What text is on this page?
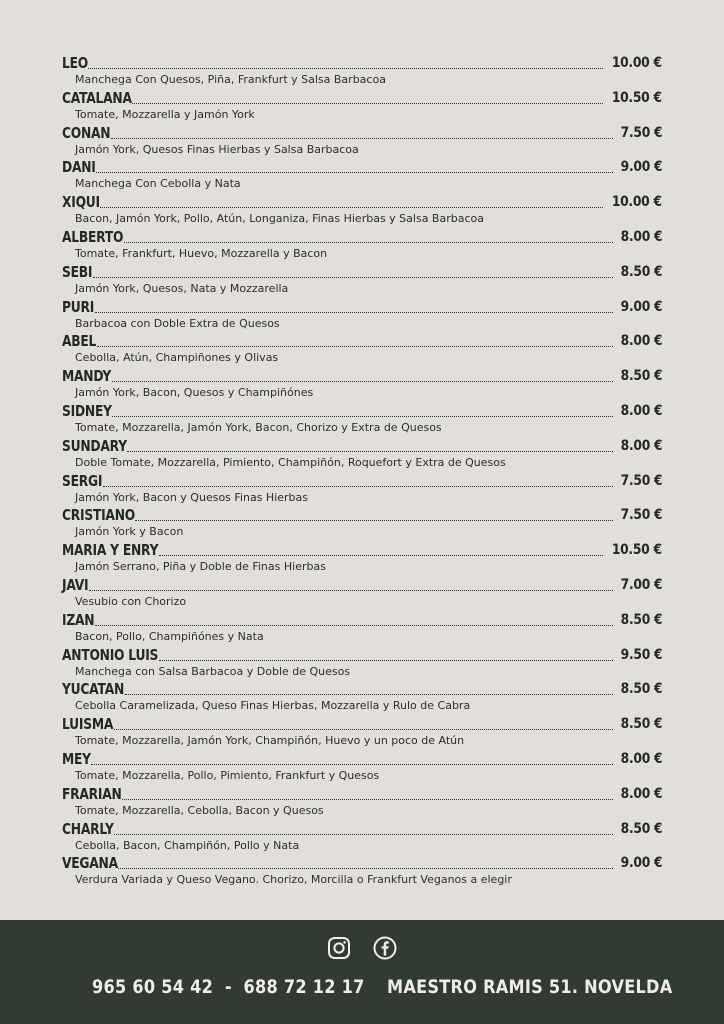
LEO	10.00 €
Manchega Con Quesos, Piña, Frankfurt y Salsa Barbacoa
CATALANA	10.50 €
Tomate, Mozzarella y Jamón York
CONAN	7.50 €
Jamón York, Quesos Finas Hierbas y Salsa Barbacoa
DANI	9.00 €
Manchega Con Cebolla y Nata
XIQUI	10.00 €
Bacon, Jamón York, Pollo, Atún, Longaniza, Finas Hierbas y Salsa Barbacoa
ALBERTO	8.00 €
Tomate, Frankfurt, Huevo, Mozzarella y Bacon
SEBI	8.50 €
Jamón York, Quesos, Nata y Mozzarella
PURI	9.00 €
Barbacoa con Doble Extra de Quesos
ABEL	8.00 €
Cebolla, Atún, Champiñones y Olivas
MANDY	8.50 €
Jamón York, Bacon, Quesos y Champiñónes
SIDNEY	8.00 €
Tomate, Mozzarella, Jamón York, Bacon, Chorizo y Extra de Quesos
SUNDARY	8.00 €
Doble Tomate, Mozzarella, Pimiento, Champiñón, Roquefort y Extra de Quesos
SERGI	7.50 €
Jamón York, Bacon y Quesos Finas Hierbas
CRISTIANO	7.50 €
Jamón York y Bacon
MARIA Y ENRY	10.50 €
Jamón Serrano, Piña y Doble de Finas Hierbas
JAVI	7.00 €
Vesubio con Chorizo
IZAN	8.50 €
Bacon, Pollo, Champiñónes y Nata
ANTONIO LUIS	9.50 €
Manchega con Salsa Barbacoa y Doble de Quesos
YUCATAN	8.50 €
Cebolla Caramelizada, Queso Finas Hierbas, Mozzarella y Rulo de Cabra
LUISMA	8.50 €
Tomate, Mozzarella, Jamón York, Champiñón, Huevo y un poco de Atún
MEY	8.00 €
Tomate, Mozzarella, Pollo, Pimiento, Frankfurt y Quesos
FRARIAN	8.00 €
Tomate, Mozzarella, Cebolla, Bacon y Quesos
CHARLY	8.50 €
Cebolla, Bacon, Champiñón, Pollo y Nata
VEGANA	9.00 €
Verdura Variada y Queso Vegano. Chorizo, Morcilla o Frankfurt Veganos a elegir
965 60 54 42  -  688 72 12 17 MAESTRO RAMIS 51. NOVELDA
